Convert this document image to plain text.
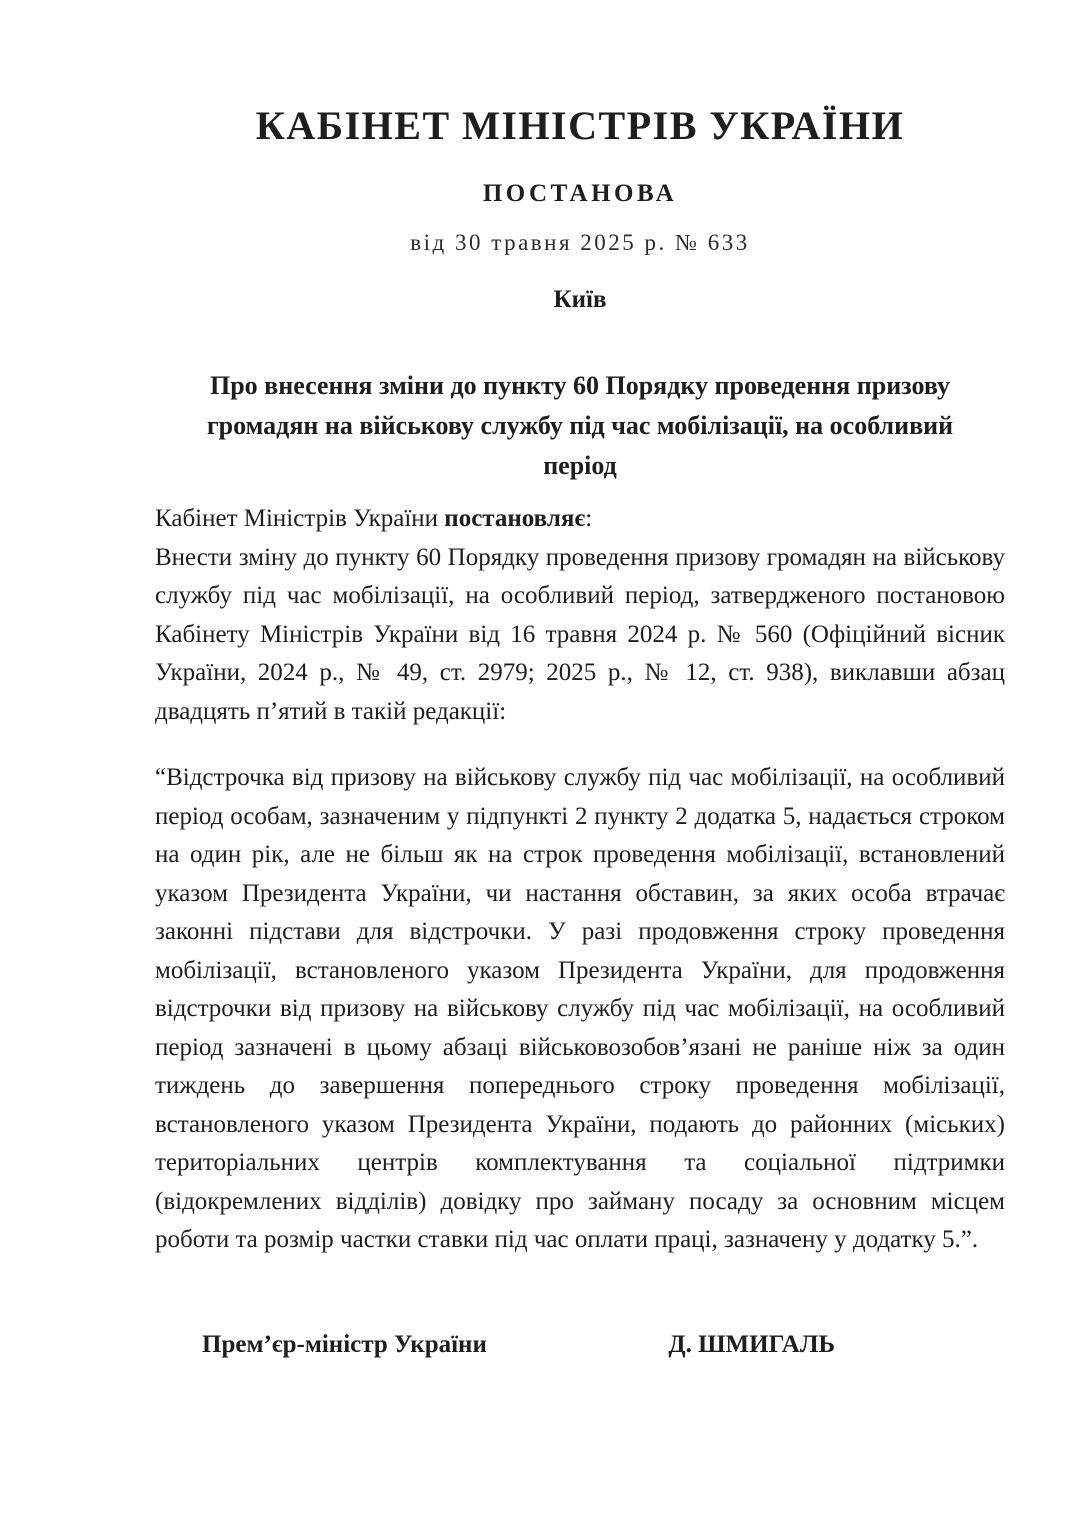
КАБІНЕТ МІНІСТРІВ УКРАЇНИ
ПОСТАНОВА
від 30 травня 2025 р. № 633
Київ
Про внесення зміни до пункту 60 Порядку проведення призову громадян на військову службу під час мобілізації, на особливий період
Кабінет Міністрів України постановляє:
Внести зміну до пункту 60 Порядку проведення призову громадян на військову службу під час мобілізації, на особливий період, затвердженого постановою Кабінету Міністрів України від 16 травня 2024 р. № 560 (Офіційний вісник України, 2024 р., № 49, ст. 2979; 2025 р., № 12, ст. 938), виклавши абзац двадцять п’ятий в такій редакції:
“Відстрочка від призову на військову службу під час мобілізації, на особливий період особам, зазначеним у підпункті 2 пункту 2 додатка 5, надається строком на один рік, але не більш як на строк проведення мобілізації, встановлений указом Президента України, чи настання обставин, за яких особа втрачає законні підстави для відстрочки. У разі продовження строку проведення мобілізації, встановленого указом Президента України, для продовження відстрочки від призову на військову службу під час мобілізації, на особливий період зазначені в цьому абзаці військовозобов’язані не раніше ніж за один тиждень до завершення попереднього строку проведення мобілізації, встановленого указом Президента України, подають до районних (міських) територіальних центрів комплектування та соціальної підтримки (відокремлених відділів) довідку про займану посаду за основним місцем роботи та розмір частки ставки під час оплати праці, зазначену у додатку 5.”.
Прем’єр-міністр України	Д. ШМИГАЛЬ
